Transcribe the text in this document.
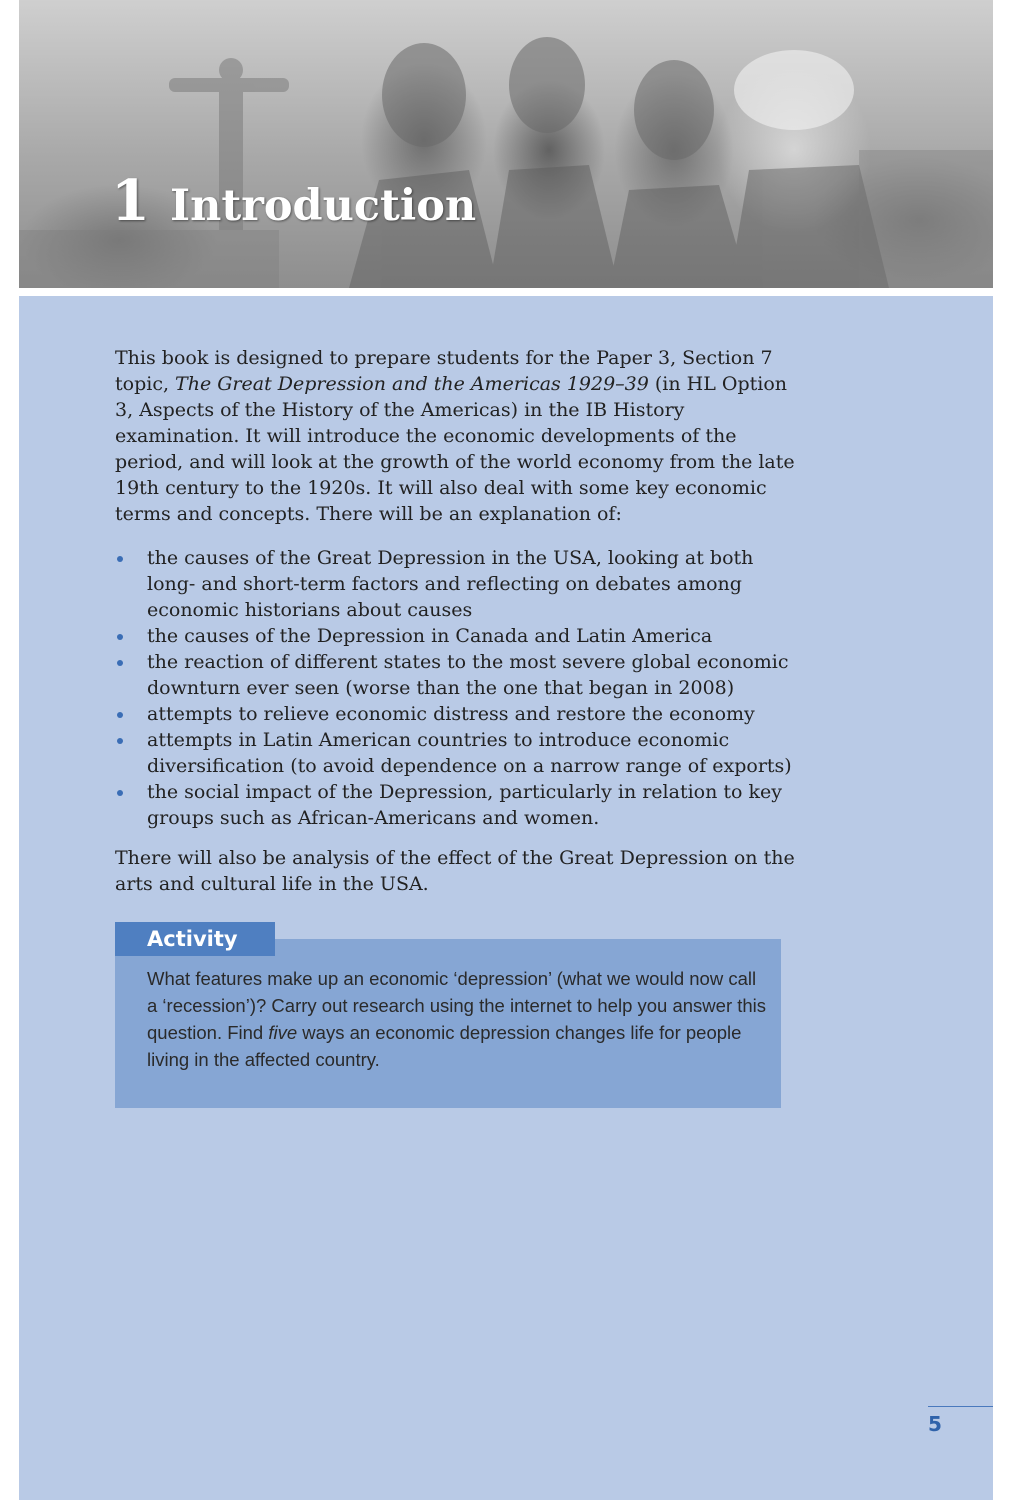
1 Introduction

This book is designed to prepare students for the Paper 3, Section 7 topic, The Great Depression and the Americas 1929–39 (in HL Option 3, Aspects of the History of the Americas) in the IB History examination. It will introduce the economic developments of the period, and will look at the growth of the world economy from the late 19th century to the 1920s. It will also deal with some key economic terms and concepts. There will be an explanation of:

the causes of the Great Depression in the USA, looking at both long- and short-term factors and reflecting on debates among economic historians about causes
the causes of the Depression in Canada and Latin America
the reaction of different states to the most severe global economic downturn ever seen (worse than the one that began in 2008)
attempts to relieve economic distress and restore the economy
attempts in Latin American countries to introduce economic diversification (to avoid dependence on a narrow range of exports)
the social impact of the Depression, particularly in relation to key groups such as African-Americans and women.

There will also be analysis of the effect of the Great Depression on the arts and cultural life in the USA.

Activity
What features make up an economic ‘depression’ (what we would now call a ‘recession’)? Carry out research using the internet to help you answer this question. Find five ways an economic depression changes life for people living in the affected country.
5
